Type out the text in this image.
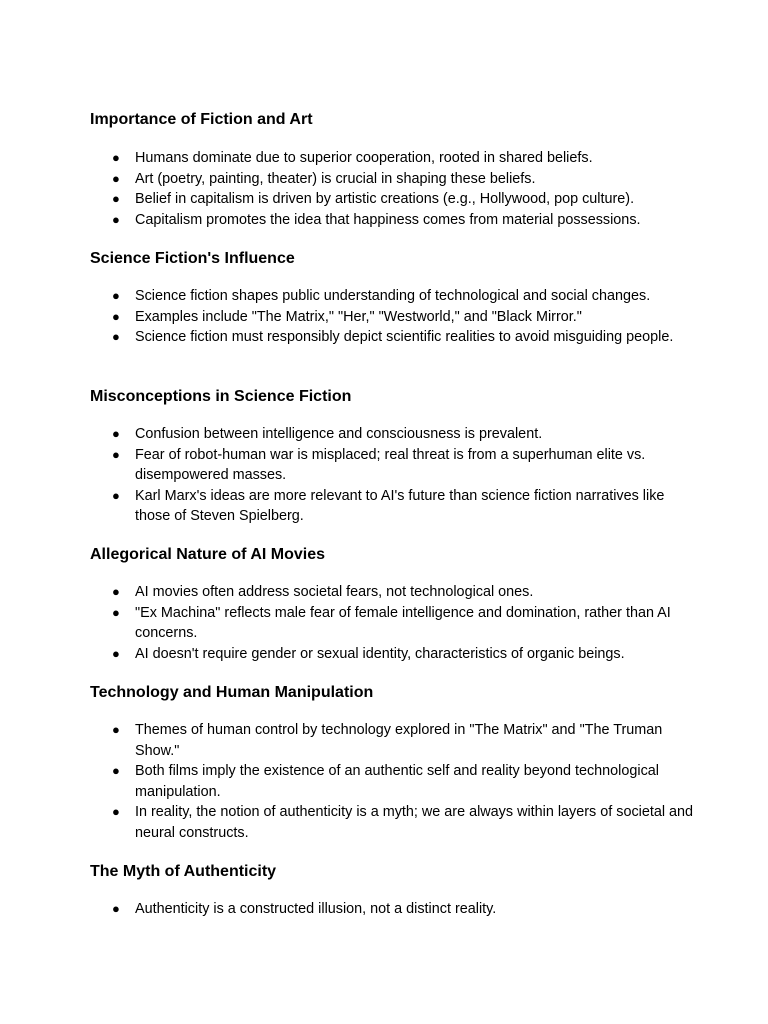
Importance of Fiction and Art
● Humans dominate due to superior cooperation, rooted in shared beliefs.
● Art (poetry, painting, theater) is crucial in shaping these beliefs.
● Belief in capitalism is driven by artistic creations (e.g., Hollywood, pop culture).
● Capitalism promotes the idea that happiness comes from material possessions.
Science Fiction's Influence
● Science fiction shapes public understanding of technological and social changes.
● Examples include "The Matrix," "Her," "Westworld," and "Black Mirror."
● Science fiction must responsibly depict scientific realities to avoid misguiding people.
Misconceptions in Science Fiction
● Confusion between intelligence and consciousness is prevalent.
● Fear of robot-human war is misplaced; real threat is from a superhuman elite vs. disempowered masses.
● Karl Marx's ideas are more relevant to AI's future than science fiction narratives like those of Steven Spielberg.
Allegorical Nature of AI Movies
● AI movies often address societal fears, not technological ones.
● "Ex Machina" reflects male fear of female intelligence and domination, rather than AI concerns.
● AI doesn't require gender or sexual identity, characteristics of organic beings.
Technology and Human Manipulation
● Themes of human control by technology explored in "The Matrix" and "The Truman Show."
● Both films imply the existence of an authentic self and reality beyond technological manipulation.
● In reality, the notion of authenticity is a myth; we are always within layers of societal and neural constructs.
The Myth of Authenticity
● Authenticity is a constructed illusion, not a distinct reality.
